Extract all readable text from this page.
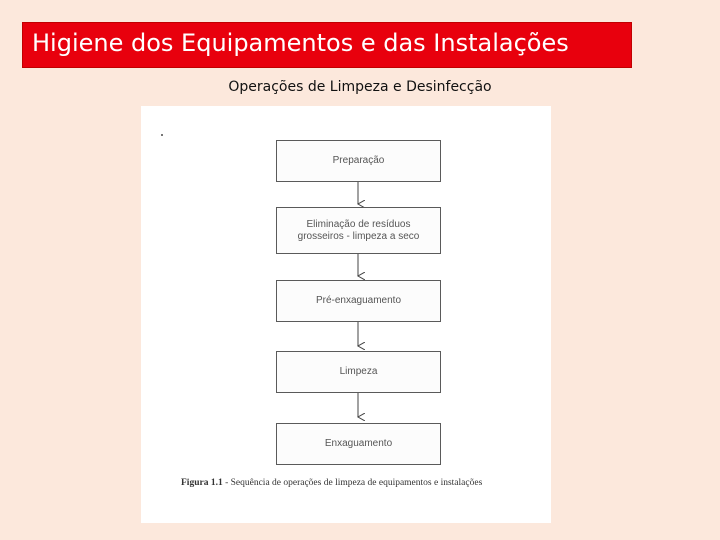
Higiene dos Equipamentos e das Instalações
Operações de Limpeza e Desinfecção
Preparação
Eliminação de resíduos grosseiros - limpeza a seco
Pré-enxaguamento
Limpeza
Enxaguamento
Figura 1.1 - Sequência de operações de limpeza de equipamentos e instalações
